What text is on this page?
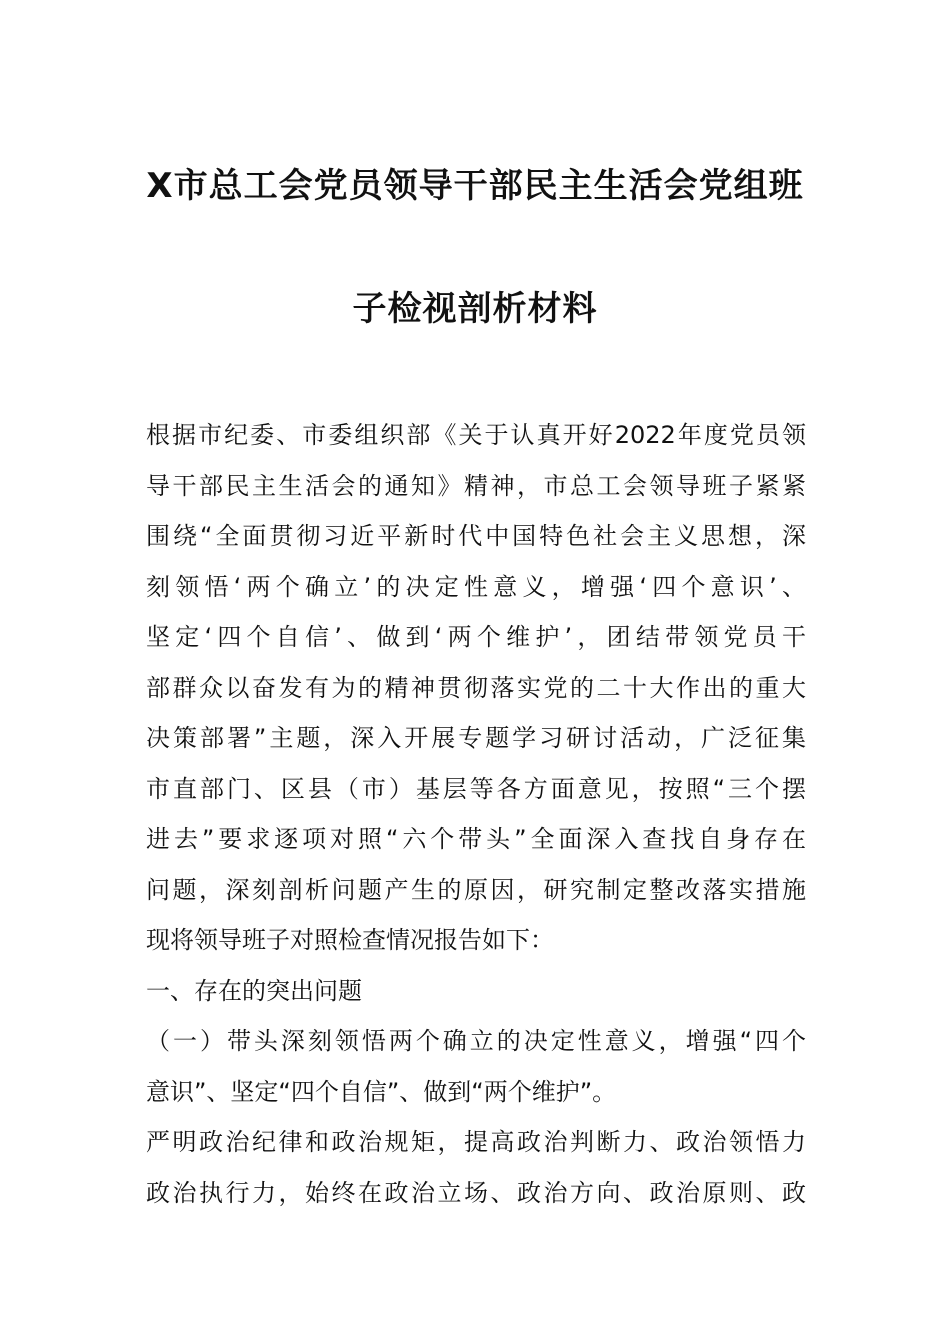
X市总工会党员领导干部民主生活会党组班
子检视剖析材料
根据市纪委、市委组织部《关于认真开好2022年度党员领
导干部民主生活会的通知》精神，市总工会领导班子紧紧
围绕“全面贯彻习近平新时代中国特色社会主义思想，深
刻领悟‘两个确立’的决定性意义，增强‘四个意识’、
坚定‘四个自信’、做到‘两个维护’，团结带领党员干
部群众以奋发有为的精神贯彻落实党的二十大作出的重大
决策部署”主题，深入开展专题学习研讨活动，广泛征集
市直部门、区县（市）基层等各方面意见，按照“三个摆
进去”要求逐项对照“六个带头”全面深入查找自身存在
问题，深刻剖析问题产生的原因，研究制定整改落实措施
现将领导班子对照检查情况报告如下：
一、存在的突出问题
（一）带头深刻领悟两个确立的决定性意义，增强“四个
意识”、坚定“四个自信”、做到“两个维护”。
严明政治纪律和政治规矩，提高政治判断力、政治领悟力
政治执行力，始终在政治立场、政治方向、政治原则、政
